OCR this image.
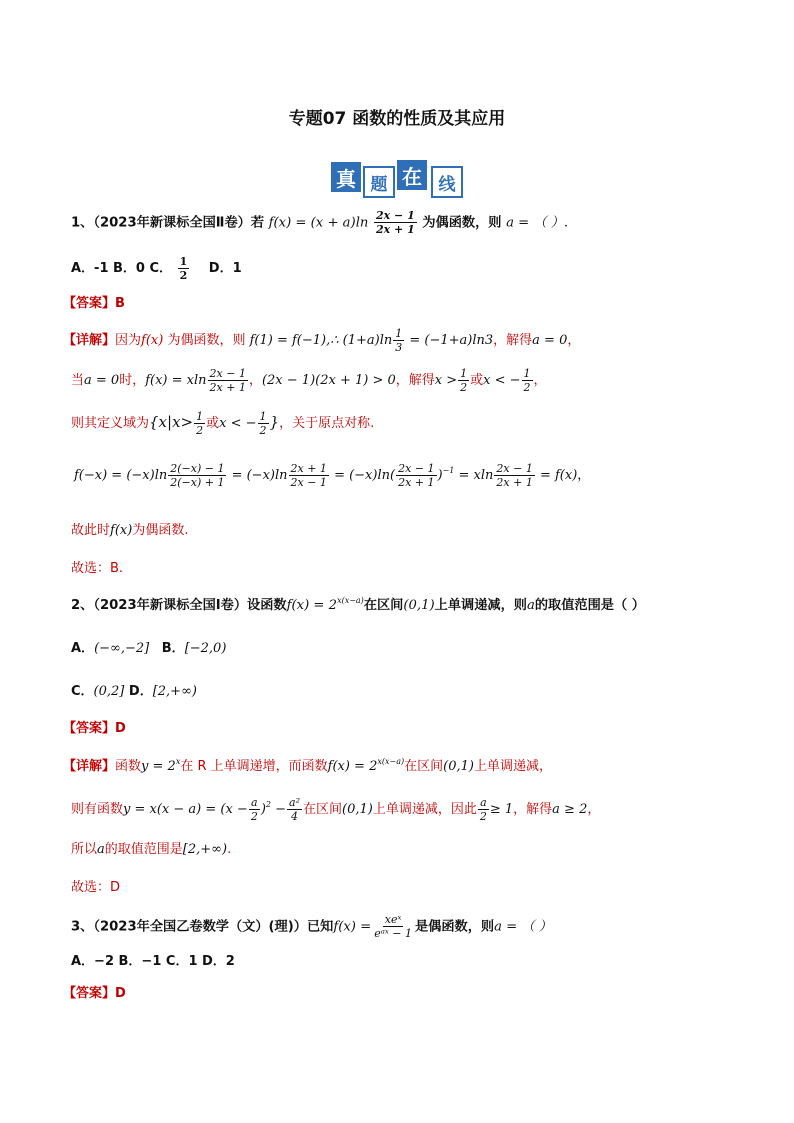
专题07 函数的性质及其应用
真 题 在 线
1、（2023年新课标全国Ⅱ卷）若 $f(x) = (x + a)\ln \frac{2x - 1}{2x + 1}$ 为偶函数，则 a = （ ）.
A．-1 B．0 C． $\frac{1}{2}$ D．1
【答案】B
【详解】因为f(x) 为偶函数，则 f(1) = f(−1),∴ $(1+a)\ln \frac{1}{3} = (-1+a)\ln 3$，解得a = 0，
当a = 0时，f(x) = xln $\frac{2x - 1}{2x + 1}$ ，(2x − 1)(2x + 1) > 0，解得$x > \frac{1}{2}$ 或x < − $\frac{1}{2}$ ，
则其定义域为{$x|x> \frac{1}{2}$ 或x < − $\frac{1}{2}$ }，关于原点对称.
$f(-x) = (-x)\ln \frac{2(-x) - 1}{2(-x) + 1} = (-x)\ln \frac{2x + 1}{2x - 1} = (-x)\ln( \frac{2x - 1}{2x + 1} )^{-1} = xln \frac{2x - 1}{2x + 1} = f(x)$，
故此时f(x)为偶函数.
故选：B.
2、（2023年新课标全国Ⅰ卷）设函数$f(x) = 2^{x(x-a)}$在区间(0,1)上单调递减，则a的取值范围是（ ）
A．(−∞,−2] B．[−2,0)
C．(0,2] D．[2,+∞)
【答案】D
【详解】函数$y = 2^x$在 R 上单调递增，而函数$f(x) = 2^{x(x-a)}$在区间(0,1)上单调递减，
则有函数$y = x(x - a) = (x - \frac{a}{2} )^2 - \frac{\text{a²}}{4}$ 在区间(0,1)上单调递减，因此 $\frac{a}{2} \ge 1$，解得a ≥ 2，
所以a的取值范围是[2,+∞).
故选：D
3、（2023年全国乙卷数学（文）(理)）已知$f(x) = \frac{\text{xeˣ}}{\text{eᵃˣ − 1}}$ 是偶函数，则a = （ ）
A．−2 B．−1 C．1 D．2
【答案】D
